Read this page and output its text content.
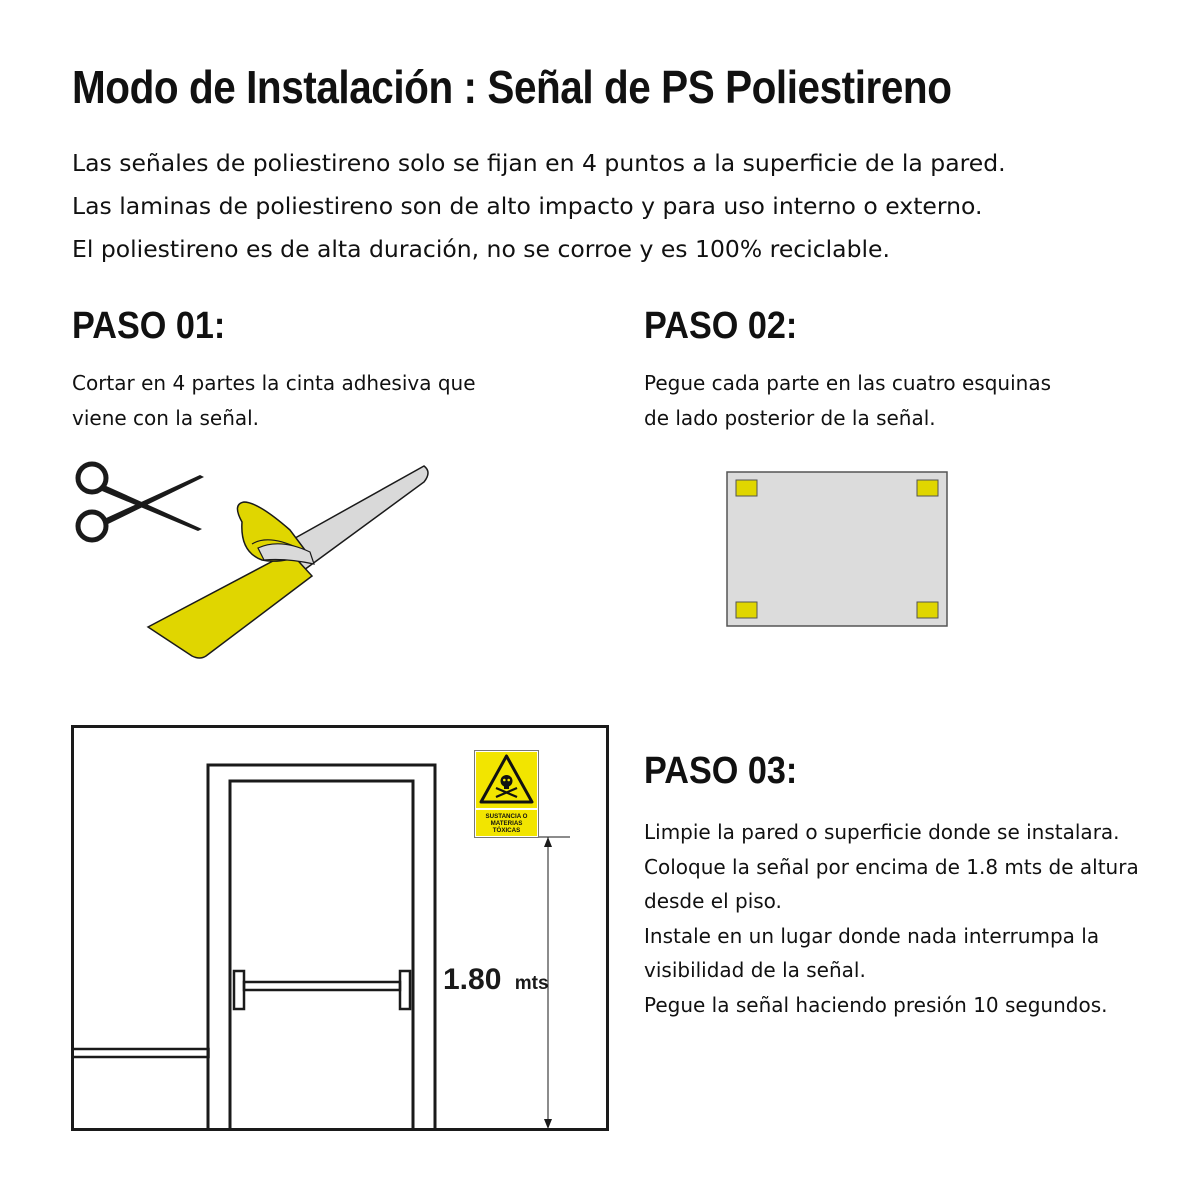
Modo de Instalación : Señal de PS Poliestireno
Las señales de poliestireno solo se fijan en 4 puntos a la superficie de la pared.
Las laminas de poliestireno son de alto impacto y para uso interno o externo.
El poliestireno es de alta duración, no se corroe y es 100% reciclable.
PASO 01:
Cortar en 4 partes la cinta adhesiva que
viene con la señal.
PASO 02:
Pegue cada parte en las cuatro esquinas
de lado posterior de la señal.
PASO 03:
Limpie la pared o superficie donde se instalara.
Coloque la señal por encima de 1.8 mts de altura
desde el piso.
Instale en un lugar donde nada interrumpa la
visibilidad de la señal.
Pegue la señal haciendo presión 10 segundos.
1.80 mts
SUSTANCIA O
MATERIAS
TÓXICAS
